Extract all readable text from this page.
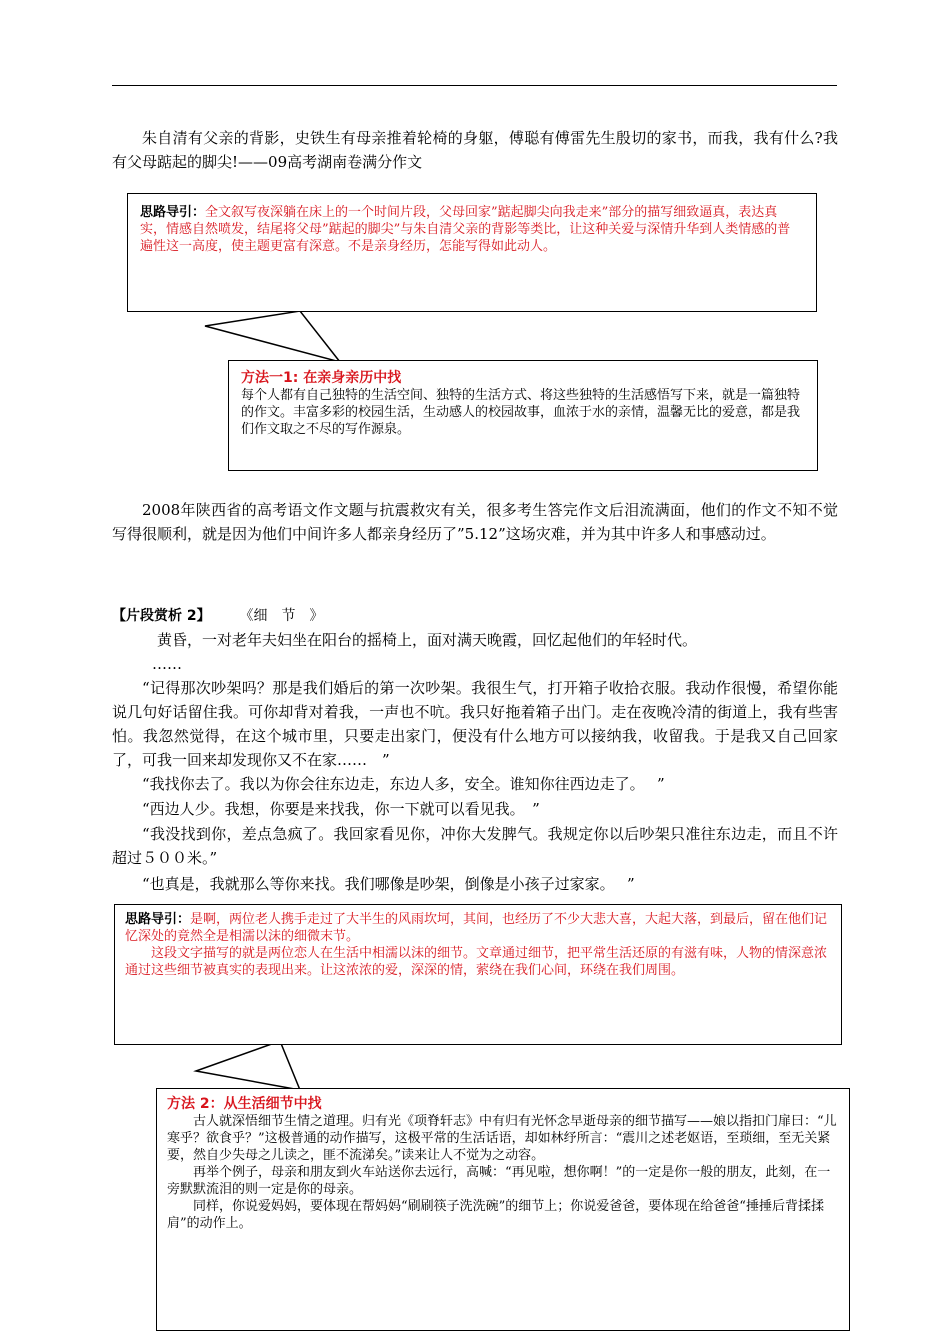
朱自清有父亲的背影，史铁生有母亲推着轮椅的身躯，傅聪有傅雷先生殷切的家书，而我，我有什么?我有父母踮起的脚尖!——09高考湖南卷满分作文
思路导引：全文叙写夜深躺在床上的一个时间片段，父母回家”踮起脚尖向我走来”部分的描写细致逼真，表达真实，情感自然喷发，结尾将父母”踮起的脚尖”与朱自清父亲的背影等类比，让这种关爱与深情升华到人类情感的普遍性这一高度，使主题更富有深意。不是亲身经历，怎能写得如此动人。
方法一1: 在亲身亲历中找
每个人都有自己独特的生活空间、独特的生活方式、将这些独特的生活感悟写下来，就是一篇独特的作文。丰富多彩的校园生活，生动感人的校园故事，血浓于水的亲情，温馨无比的爱意，都是我们作文取之不尽的写作源泉。
2008年陕西省的高考语文作文题与抗震救灾有关，很多考生答完作文后泪流满面，他们的作文不知不觉写得很顺利，就是因为他们中间许多人都亲身经历了”5.12”这场灾难，并为其中许多人和事感动过。
【片段赏析 2】 《细　节　》
黄昏，一对老年夫妇坐在阳台的摇椅上，面对满天晚霞，回忆起他们的年轻时代。
……
“记得那次吵架吗？那是我们婚后的第一次吵架。我很生气，打开箱子收拾衣服。我动作很慢，希望你能说几句好话留住我。可你却背对着我，一声也不吭。我只好拖着箱子出门。走在夜晚冷清的街道上，我有些害怕。我忽然觉得，在这个城市里，只要走出家门，便没有什么地方可以接纳我，收留我。于是我又自己回家了，可我一回来却发现你又不在家……　”
“我找你去了。我以为你会往东边走，东边人多，安全。谁知你往西边走了。　 ”
“西边人少。我想，你要是来找我，你一下就可以看见我。　”
“我没找到你，差点急疯了。我回家看见你，冲你大发脾气。我规定你以后吵架只准往东边走，而且不许超过５００米。”
“也真是，我就那么等你来找。我们哪像是吵架，倒像是小孩子过家家。　 ”
思路导引：是啊，两位老人携手走过了大半生的风雨坎坷，其间，也经历了不少大悲大喜，大起大落，到最后，留在他们记忆深处的竟然全是相濡以沫的细微末节。
这段文字描写的就是两位恋人在生活中相濡以沫的细节。文章通过细节，把平常生活还原的有滋有味，人物的情深意浓通过这些细节被真实的表现出来。让这浓浓的爱，深深的情，萦绕在我们心间，环绕在我们周围。
方法 2：从生活细节中找
古人就深悟细节生情之道理。归有光《项脊轩志》中有归有光怀念早逝母亲的细节描写——娘以指扣门扉曰：“儿寒乎？欲食乎？”这极普通的动作描写，这极平常的生活话语，却如林纾所言：“震川之述老妪语，至琐细，至无关紧要，然自少失母之儿读之，匪不流涕矣。”读来让人不觉为之动容。
再举个例子，母亲和朋友到火车站送你去远行，高喊：“再见啦，想你啊！”的一定是你一般的朋友，此刻，在一旁默默流泪的则一定是你的母亲。
同样，你说爱妈妈，要体现在帮妈妈“刷刷筷子洗洗碗”的细节上；你说爱爸爸，要体现在给爸爸“捶捶后背揉揉肩”的动作上。
